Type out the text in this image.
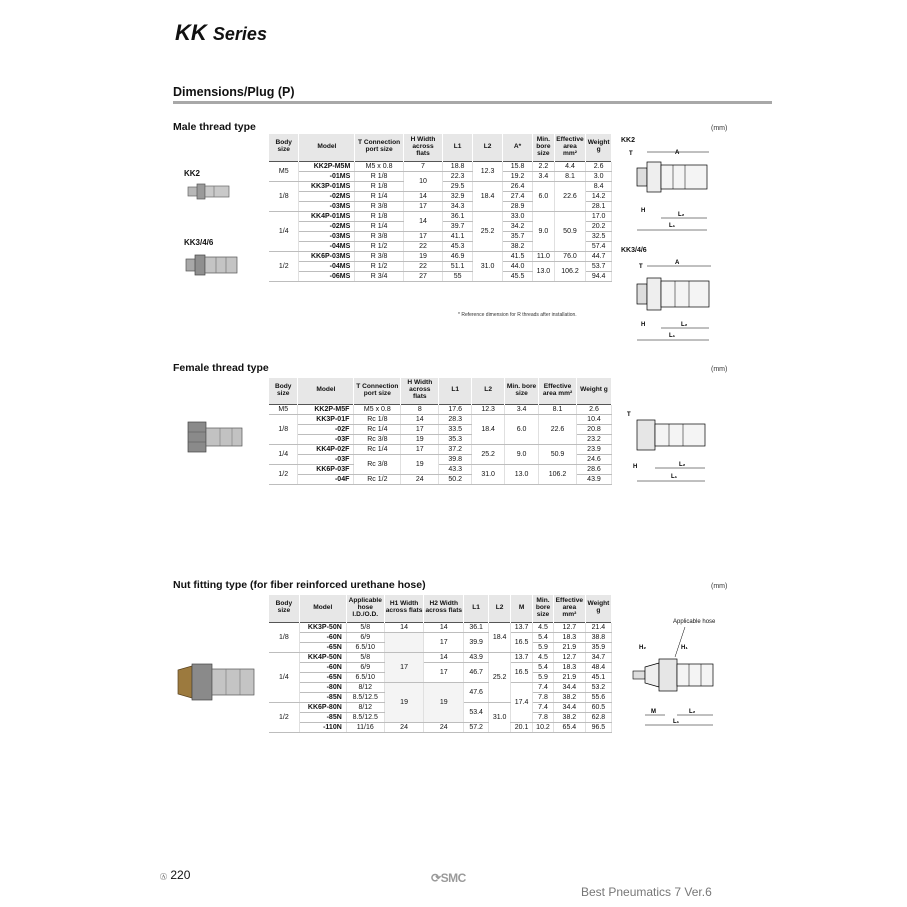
KK Series
Dimensions/Plug (P)
Male thread type	(mm)
KK2
KK3/4/6
Body size	Model	T Connection port size	H Width across flats	L1	L2	A*	Min. bore size	Effective area mm²	Weight g
M5	KK2P-M5M	M5 x 0.8	7	18.8	12.3	15.8	2.2	4.4	2.6
	-01MS	R 1/8	10	22.3		19.2	3.4	8.1	3.0
1/8	KK3P-01MS	R 1/8		29.5	18.4	26.4	6.0	22.6	8.4
	-02MS	R 1/4	14	32.9		27.4			14.2
	-03MS	R 3/8	17	34.3		28.9			28.1
1/4	KK4P-01MS	R 1/8	14	36.1	25.2	33.0	9.0	50.9	17.0
	-02MS	R 1/4		39.7		34.2			20.2
	-03MS	R 3/8	17	41.1		35.7			32.5
	-04MS	R 1/2	22	45.3		38.2			57.4
1/2	KK6P-03MS	R 3/8	19	46.9	31.0	41.5	11.0	76.0	44.7
	-04MS	R 1/2	22	51.1		44.0	13.0	106.2	53.7
	-06MS	R 3/4	27	55		45.5			94.4
* Reference dimension for R threads after installation.
KK2
T	A
H
L₂
L₁
KK3/4/6
T
A
H	L₂
L₁
Female thread type	(mm)
Body size	Model	T Connection port size	H Width across flats	L1	L2	Min. bore size	Effective area mm²	Weight g
M5	KK2P-M5F	M5 x 0.8	8	17.6	12.3	3.4	8.1	2.6
1/8	KK3P-01F	Rc 1/8	14	28.3	18.4	6.0	22.6	10.4
	-02F	Rc 1/4	17	33.5				20.8
	-03F	Rc 3/8	19	35.3				23.2
1/4	KK4P-02F	Rc 1/4	17	37.2	25.2	9.0	50.9	23.9
	-03F	Rc 3/8	19	39.8				24.6
1/2	KK6P-03F			43.3	31.0	13.0	106.2	28.6
	-04F	Rc 1/2	24	50.2				43.9
T
H	L₂
L₁
Nut fitting type (for fiber reinforced urethane hose)	(mm)
Body size	Model	Applicable hose I.D./O.D.	H1 Width across flats	H2 Width across flats	L1	L2	M	Min. bore size	Effective area mm²	Weight g
1/8	KK3P-50N	5/8	14	14	36.1	18.4	13.7	4.5	12.7	21.4
	-60N	6/9		17	39.9		16.5	5.4	18.3	38.8
	-65N	6.5/10						5.9	21.9	35.9
1/4	KK4P-50N	5/8	17	14	43.9	25.2	13.7	4.5	12.7	34.7
	-60N	6/9		17	46.7		16.5	5.4	18.3	48.4
	-65N	6.5/10						5.9	21.9	45.1
	-80N	8/12	19	19	47.6		17.4	7.4	34.4	53.2
	-85N	8.5/12.5						7.8	38.2	55.6
1/2	KK6P-80N	8/12			53.4	31.0		7.4	34.4	60.5
	-85N	8.5/12.5						7.8	38.2	62.8
	-110N	11/16	24	24	57.2		20.1	10.2	65.4	96.5
Applicable hose
H₂	H₁
M	L₂
L₁
Ⓐ 220	⟳SMC
Best Pneumatics 7 Ver.6
